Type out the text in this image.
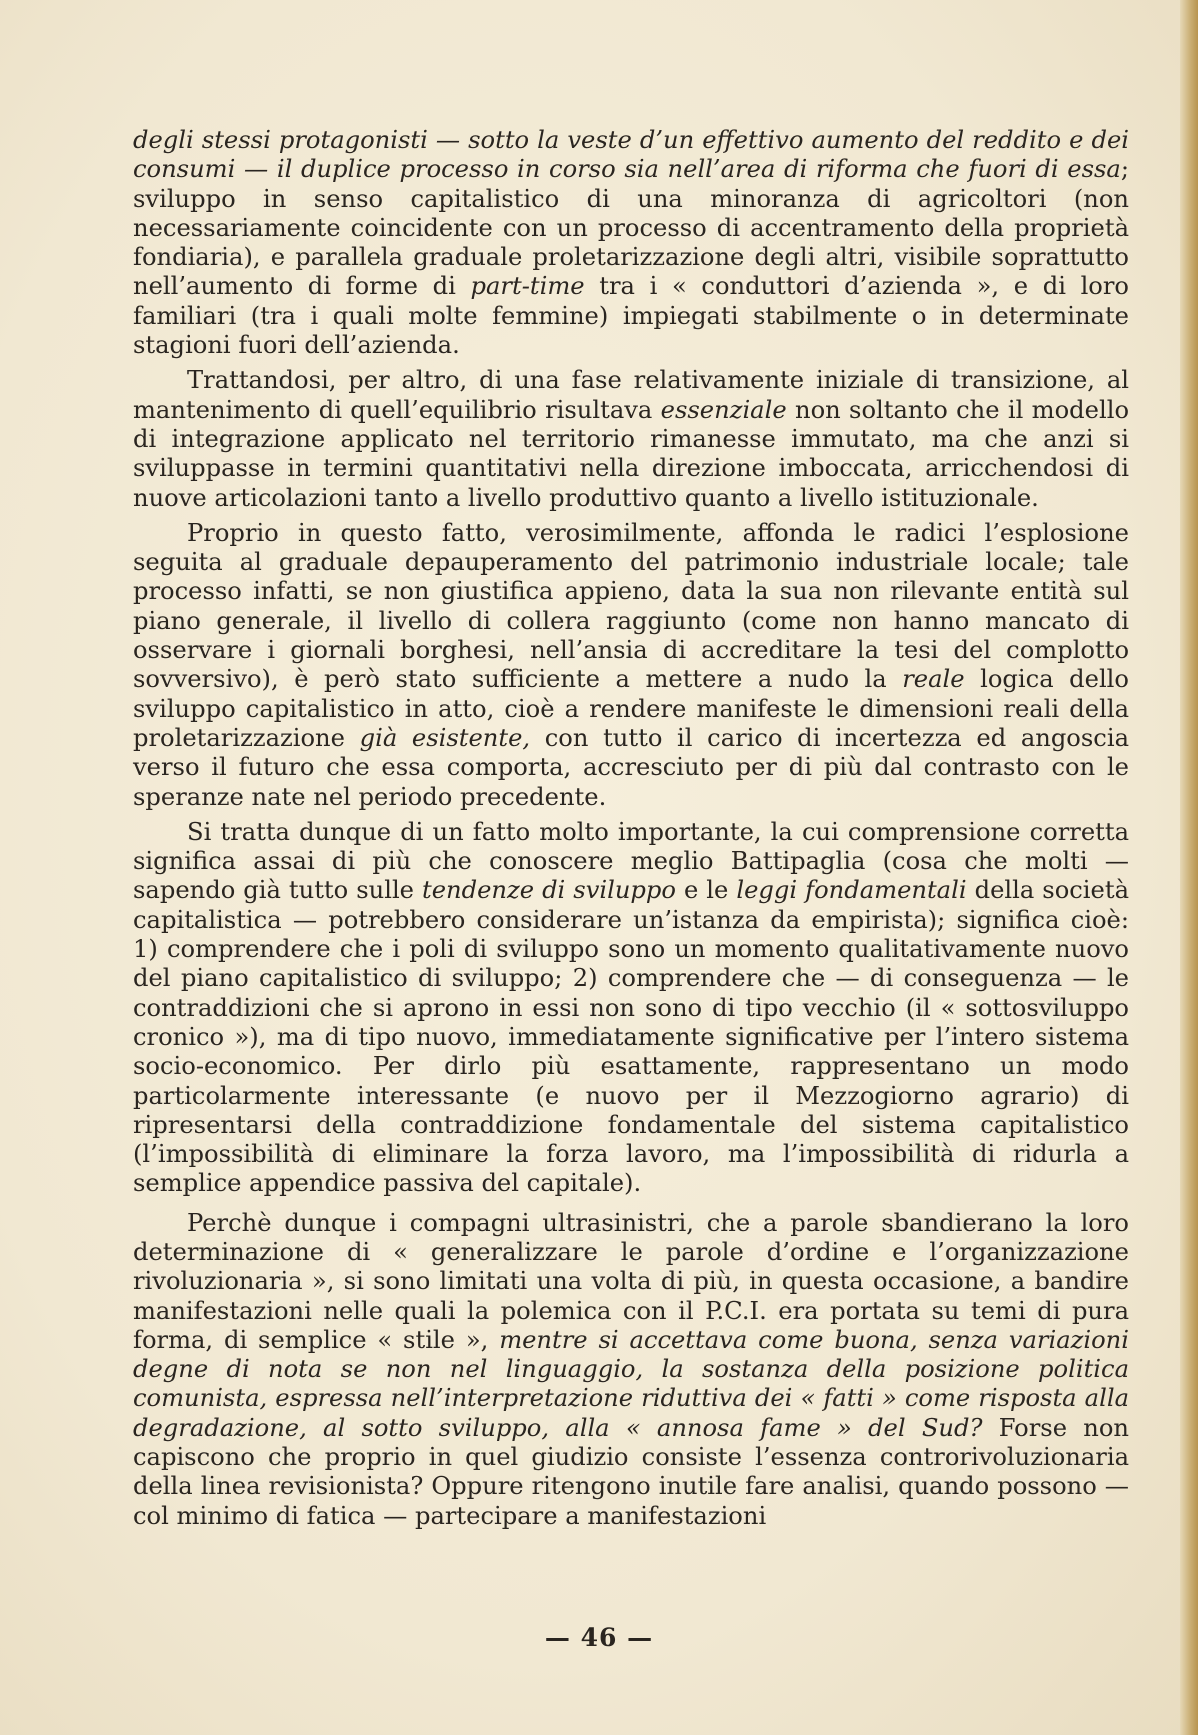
degli stessi protagonisti — sotto la veste d’un effettivo aumento del reddito e dei consumi — il duplice processo in corso sia nell’area di riforma che fuori di essa; sviluppo in senso capitalistico di una minoranza di agricoltori (non necessariamente coincidente con un processo di accentramento della proprietà fondiaria), e parallela graduale proletarizzazione degli altri, visibile soprattutto nell’aumento di forme di part-time tra i « conduttori d’azienda », e di loro familiari (tra i quali molte femmine) impiegati stabilmente o in determinate stagioni fuori dell’azienda.

Trattandosi, per altro, di una fase relativamente iniziale di transizione, al mantenimento di quell’equilibrio risultava essenziale non soltanto che il modello di integrazione applicato nel territorio rimanesse immutato, ma che anzi si sviluppasse in termini quantitativi nella direzione imboccata, arricchendosi di nuove articolazioni tanto a livello produttivo quanto a livello istituzionale.

Proprio in questo fatto, verosimilmente, affonda le radici l’esplosione seguita al graduale depauperamento del patrimonio industriale locale; tale processo infatti, se non giustifica appieno, data la sua non rilevante entità sul piano generale, il livello di collera raggiunto (come non hanno mancato di osservare i giornali borghesi, nell’ansia di accreditare la tesi del complotto sovversivo), è però stato sufficiente a mettere a nudo la reale logica dello sviluppo capitalistico in atto, cioè a rendere manifeste le dimensioni reali della proletarizzazione già esistente, con tutto il carico di incertezza ed angoscia verso il futuro che essa comporta, accresciuto per di più dal contrasto con le speranze nate nel periodo precedente.

Si tratta dunque di un fatto molto importante, la cui comprensione corretta significa assai di più che conoscere meglio Battipaglia (cosa che molti — sapendo già tutto sulle tendenze di sviluppo e le leggi fondamentali della società capitalistica — potrebbero considerare un’istanza da empirista); significa cioè: 1) comprendere che i poli di sviluppo sono un momento qualitativamente nuovo del piano capitalistico di sviluppo; 2) comprendere che — di conseguenza — le contraddizioni che si aprono in essi non sono di tipo vecchio (il « sottosviluppo cronico »), ma di tipo nuovo, immediatamente significative per l’intero sistema socio-economico. Per dirlo più esattamente, rappresentano un modo particolarmente interessante (e nuovo per il Mezzogiorno agrario) di ripresentarsi della contraddizione fondamentale del sistema capitalistico (l’impossibilità di eliminare la forza lavoro, ma l’impossibilità di ridurla a semplice appendice passiva del capitale).

Perchè dunque i compagni ultrasinistri, che a parole sbandierano la loro determinazione di « generalizzare le parole d’ordine e l’organizzazione rivoluzionaria », si sono limitati una volta di più, in questa occasione, a bandire manifestazioni nelle quali la polemica con il P.C.I. era portata su temi di pura forma, di semplice « stile », mentre si accettava come buona, senza variazioni degne di nota se non nel linguaggio, la sostanza della posizione politica comunista, espressa nell’interpretazione riduttiva dei « fatti » come risposta alla degradazione, al sotto sviluppo, alla « annosa fame » del Sud? Forse non capiscono che proprio in quel giudizio consiste l’essenza controrivoluzionaria della linea revisionista? Oppure ritengono inutile fare analisi, quando possono — col minimo di fatica — partecipare a manifestazioni

— 46 —
